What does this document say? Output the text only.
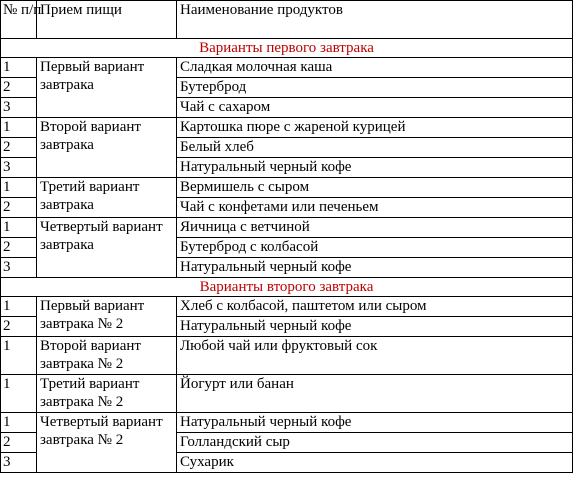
№ п/п	Прием пищи	Наименование продуктов
Варианты первого завтрака		
1	Первый вариант завтрака	Сладкая молочная каша
2		Бутерброд
3		Чай с сахаром
1	Второй вариант завтрака	Картошка пюре с жареной курицей
2		Белый хлеб
3		Натуральный черный кофе
1	Третий вариант завтрака	Вермишель с сыром
2		Чай с конфетами или печеньем
1	Четвертый вариант завтрака	Яичница с ветчиной
2		Бутерброд с колбасой
3		Натуральный черный кофе
Варианты второго завтрака		
1	Первый вариант завтрака № 2	Хлеб с колбасой, паштетом или сыром
2		Натуральный черный кофе
1	Второй вариант завтрака № 2	Любой чай или фруктовый сок
1	Третий вариант завтрака № 2	Йогурт или банан
1	Четвертый вариант завтрака № 2	Натуральный черный кофе
2		Голландский сыр
3		Сухарик
